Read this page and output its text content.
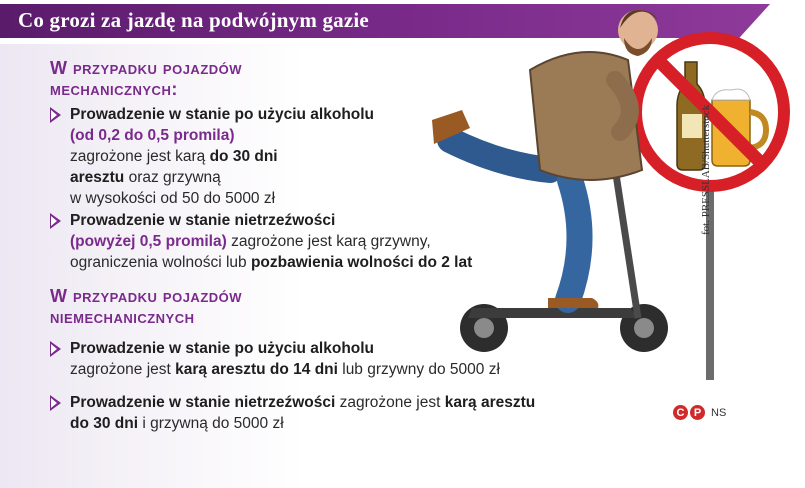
Co grozi za jazdę na podwójnym gazie
fot. PRESSLAB/Shutterstock
W przypadku pojazdów
mechanicznych:
Prowadzenie w stanie po użyciu alkoholu
(od 0,2 do 0,5 promila)
zagrożone jest karą do 30 dni
aresztu oraz grzywną
w wysokości od 50 do 5000 zł
Prowadzenie w stanie nietrzeźwości
(powyżej 0,5 promila) zagrożone jest karą grzywny,
ograniczenia wolności lub pozbawienia wolności do 2 lat
W przypadku pojazdów
niemechanicznych
Prowadzenie w stanie po użyciu alkoholu
zagrożone jest karą aresztu do 14 dni lub grzywny do 5000 zł
Prowadzenie w stanie nietrzeźwości zagrożone jest karą aresztu
do 30 dni i grzywną do 5000 zł
C P NS
